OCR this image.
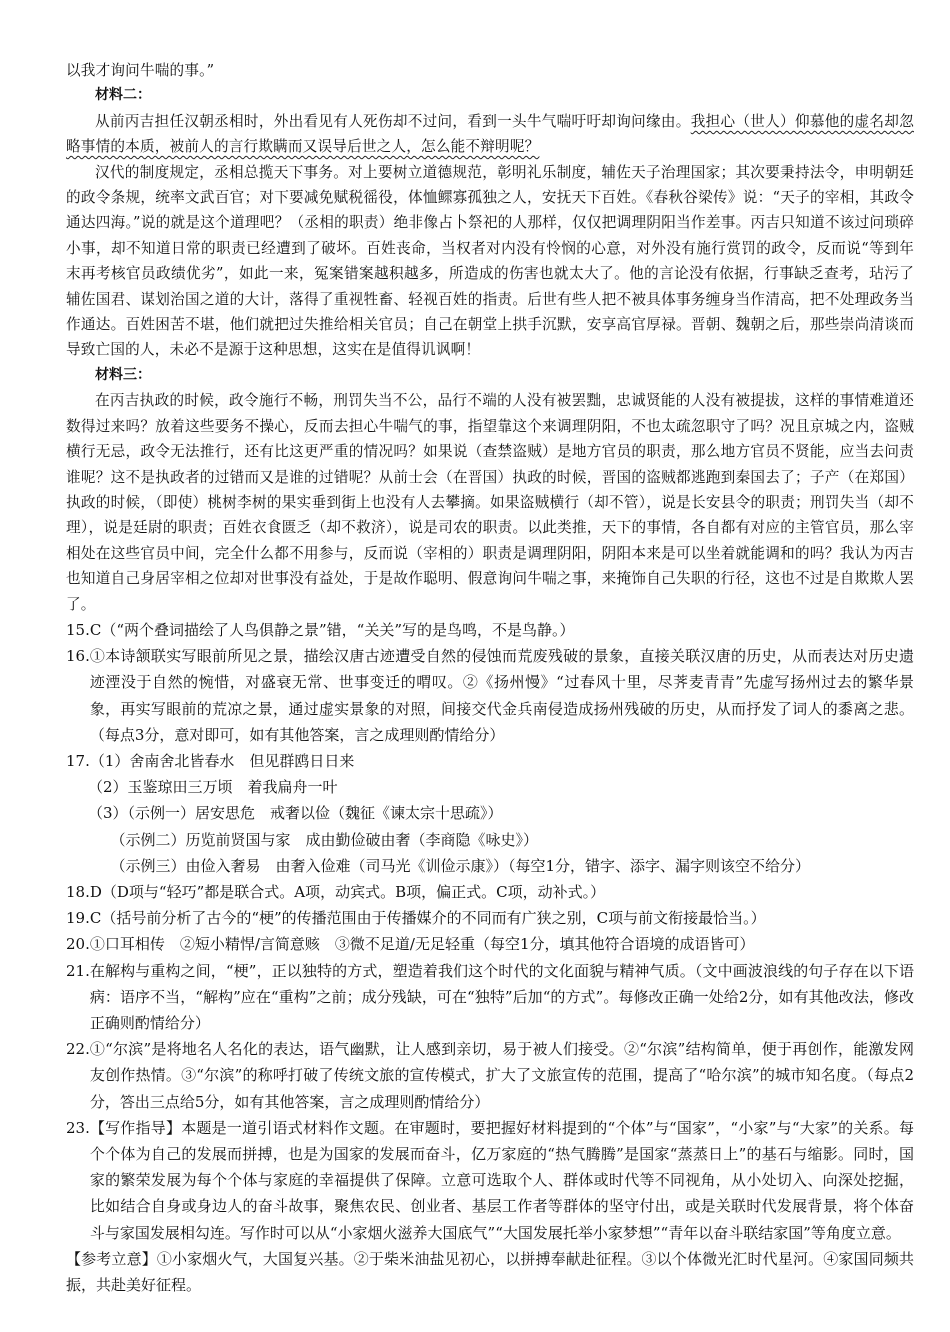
以我才询问牛喘的事。”

材料二：

从前丙吉担任汉朝丞相时，外出看见有人死伤却不过问，看到一头牛气喘吁吁却询问缘由。我担心（世人）仰慕他的虚名却忽略事情的本质，被前人的言行欺瞒而又误导后世之人，怎么能不辩明呢？

汉代的制度规定，丞相总揽天下事务。对上要树立道德规范，彰明礼乐制度，辅佐天子治理国家；其次要秉持法令，申明朝廷的政令条规，统率文武百官；对下要减免赋税徭役，体恤鳏寡孤独之人，安抚天下百姓。《春秋谷梁传》说：“天子的宰相，其政令通达四海。”说的就是这个道理吧？（丞相的职责）绝非像占卜祭祀的人那样，仅仅把调理阴阳当作差事。丙吉只知道不该过问琐碎小事，却不知道日常的职责已经遭到了破坏。百姓丧命，当权者对内没有怜悯的心意，对外没有施行赏罚的政令，反而说“等到年末再考核官员政绩优劣”，如此一来，冤案错案越积越多，所造成的伤害也就太大了。他的言论没有依据，行事缺乏查考，玷污了辅佐国君、谋划治国之道的大计，落得了重视牲畜、轻视百姓的指责。后世有些人把不被具体事务缠身当作清高，把不处理政务当作通达。百姓困苦不堪，他们就把过失推给相关官员；自己在朝堂上拱手沉默，安享高官厚禄。晋朝、魏朝之后，那些崇尚清谈而导致亡国的人，未必不是源于这种思想，这实在是值得讥讽啊！

材料三：

在丙吉执政的时候，政令施行不畅，刑罚失当不公，品行不端的人没有被罢黜，忠诚贤能的人没有被提拔，这样的事情难道还数得过来吗？放着这些要务不操心，反而去担心牛喘气的事，指望靠这个来调理阴阳，不也太疏忽职守了吗？况且京城之内，盗贼横行无忌，政令无法推行，还有比这更严重的情况吗？如果说（查禁盗贼）是地方官员的职责，那么地方官员不贤能，应当去问责谁呢？这不是执政者的过错而又是谁的过错呢？从前士会（在晋国）执政的时候，晋国的盗贼都逃跑到秦国去了；子产（在郑国）执政的时候，（即使）桃树李树的果实垂到街上也没有人去攀摘。如果盗贼横行（却不管），说是长安县令的职责；刑罚失当（却不理），说是廷尉的职责；百姓衣食匮乏（却不救济），说是司农的职责。以此类推，天下的事情，各自都有对应的主管官员，那么宰相处在这些官员中间，完全什么都不用参与，反而说（宰相的）职责是调理阴阳，阴阳本来是可以坐着就能调和的吗？我认为丙吉也知道自己身居宰相之位却对世事没有益处，于是故作聪明、假意询问牛喘之事，来掩饰自己失职的行径，这也不过是自欺欺人罢了。

15. C（“两个叠词描绘了人鸟俱静之景”错，“关关”写的是鸟鸣，不是鸟静。）
16. ①本诗颔联实写眼前所见之景，描绘汉唐古迹遭受自然的侵蚀而荒废残破的景象，直接关联汉唐的历史，从而表达对历史遗迹湮没于自然的惋惜，对盛衰无常、世事变迁的喟叹。②《扬州慢》“过春风十里，尽荠麦青青”先虚写扬州过去的繁华景象，再实写眼前的荒凉之景，通过虚实景象的对照，间接交代金兵南侵造成扬州残破的历史，从而抒发了词人的黍离之悲。（每点3分，意对即可，如有其他答案，言之成理则酌情给分）
17. （1）舍南舍北皆春水　但见群鸥日日来

（2）玉鉴琼田三万顷　着我扁舟一叶

（3）（示例一）居安思危　戒奢以俭（魏征《谏太宗十思疏》）

　　（示例二）历览前贤国与家　成由勤俭破由奢（李商隐《咏史》）

　　（示例三）由俭入奢易　由奢入俭难（司马光《训俭示康》）（每空1分，错字、添字、漏字则该空不给分）

18. D（D项与“轻巧”都是联合式。A项，动宾式。B项，偏正式。C项，动补式。）
19. C（括号前分析了古今的“梗”的传播范围由于传播媒介的不同而有广狭之别，C项与前文衔接最恰当。）
20. ①口耳相传　②短小精悍/言简意赅　③微不足道/无足轻重（每空1分，填其他符合语境的成语皆可）
21. 在解构与重构之间，“梗”，正以独特的方式，塑造着我们这个时代的文化面貌与精神气质。（文中画波浪线的句子存在以下语病：语序不当，“解构”应在“重构”之前；成分残缺，可在“独特”后加“的方式”。每修改正确一处给2分，如有其他改法，修改正确则酌情给分）
22. ①“尔滨”是将地名人名化的表达，语气幽默，让人感到亲切，易于被人们接受。②“尔滨”结构简单，便于再创作，能激发网友创作热情。③“尔滨”的称呼打破了传统文旅的宣传模式，扩大了文旅宣传的范围，提高了“哈尔滨”的城市知名度。（每点2分，答出三点给5分，如有其他答案，言之成理则酌情给分）
23. 【写作指导】本题是一道引语式材料作文题。在审题时，要把握好材料提到的“个体”与“国家”，“小家”与“大家”的关系。每个个体为自己的发展而拼搏，也是为国家的发展而奋斗，亿万家庭的“热气腾腾”是国家“蒸蒸日上”的基石与缩影。同时，国家的繁荣发展为每个个体与家庭的幸福提供了保障。立意可选取个人、群体或时代等不同视角，从小处切入、向深处挖掘，比如结合自身或身边人的奋斗故事，聚焦农民、创业者、基层工作者等群体的坚守付出，或是关联时代发展背景，将个体奋斗与家国发展相勾连。写作时可以从“小家烟火滋养大国底气”“大国发展托举小家梦想”“青年以奋斗联结家国”等角度立意。

【参考立意】①小家烟火气，大国复兴基。②于柴米油盐见初心，以拼搏奉献赴征程。③以个体微光汇时代星河。④家国同频共振，共赴美好征程。
